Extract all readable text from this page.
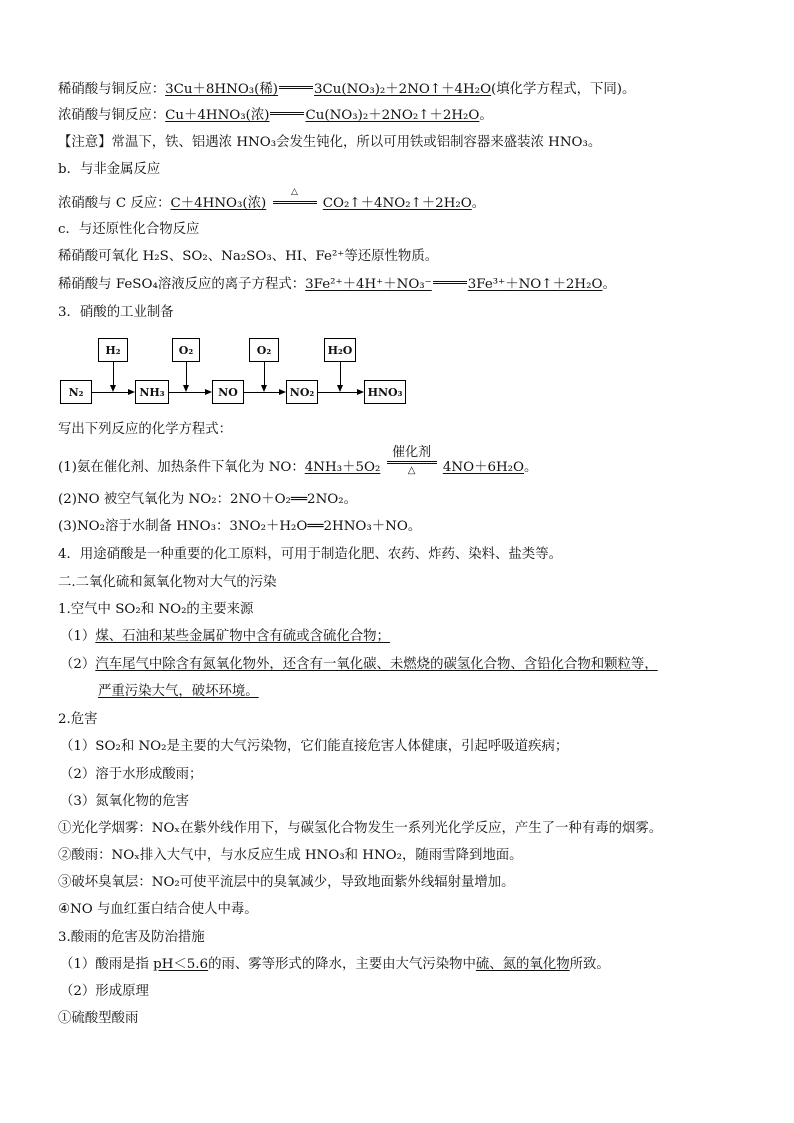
稀硝酸与铜反应：3Cu＋8HNO₃(稀)	3Cu(NO₃)₂＋2NO↑＋4H₂O(填化学方程式，下同)。
浓硝酸与铜反应：Cu＋4HNO₃(浓)	Cu(NO₃)₂＋2NO₂↑＋2H₂O。
【注意】常温下，铁、铝遇浓 HNO₃会发生钝化，所以可用铁或铝制容器来盛装浓 HNO₃。
b．与非金属反应
浓硝酸与 C 反应：C＋4HNO₃(浓)
△
CO₂↑＋4NO₂↑＋2H₂O。
c．与还原性化合物反应
稀硝酸可氧化 H₂S、SO₂、Na₂SO₃、HI、Fe²⁺等还原性物质。
稀硝酸与 FeSO₄溶液反应的离子方程式：3Fe²⁺＋4H⁺＋NO₃⁻	3Fe³⁺＋NO↑＋2H₂O。
3．硝酸的工业制备
N₂	NH₃	NO	NO₂	HNO₃
H₂	O₂	O₂	H₂O
写出下列反应的化学方程式：
(1)氨在催化剂、加热条件下氧化为 NO：4NH₃＋5O₂
催化剂
△	4NO＋6H₂O。
(2)NO 被空气氧化为 NO₂：2NO＋O₂══2NO₂。
(3)NO₂溶于水制备 HNO₃：3NO₂＋H₂O══2HNO₃＋NO。
4．用途硝酸是一种重要的化工原料，可用于制造化肥、农药、炸药、染料、盐类等。
二.二氧化硫和氮氧化物对大气的污染
1.空气中 SO₂和 NO₂的主要来源
（1）煤、石油和某些金属矿物中含有硫或含硫化合物；
（2）汽车尾气中除含有氮氧化物外，还含有一氧化碳、未燃烧的碳氢化合物、含铅化合物和颗粒等，
严重污染大气，破坏环境。
2.危害
（1）SO₂和 NO₂是主要的大气污染物，它们能直接危害人体健康，引起呼吸道疾病；
（2）溶于水形成酸雨；
（3）氮氧化物的危害
①光化学烟雾：NOₓ在紫外线作用下，与碳氢化合物发生一系列光化学反应，产生了一种有毒的烟雾。
②酸雨：NOₓ排入大气中，与水反应生成 HNO₃和 HNO₂，随雨雪降到地面。
③破坏臭氧层：NO₂可使平流层中的臭氧减少，导致地面紫外线辐射量增加。
④NO 与血红蛋白结合使人中毒。
3.酸雨的危害及防治措施
（1）酸雨是指 pH＜5.6的雨、雾等形式的降水，主要由大气污染物中硫、氮的氧化物所致。
（2）形成原理
①硫酸型酸雨
